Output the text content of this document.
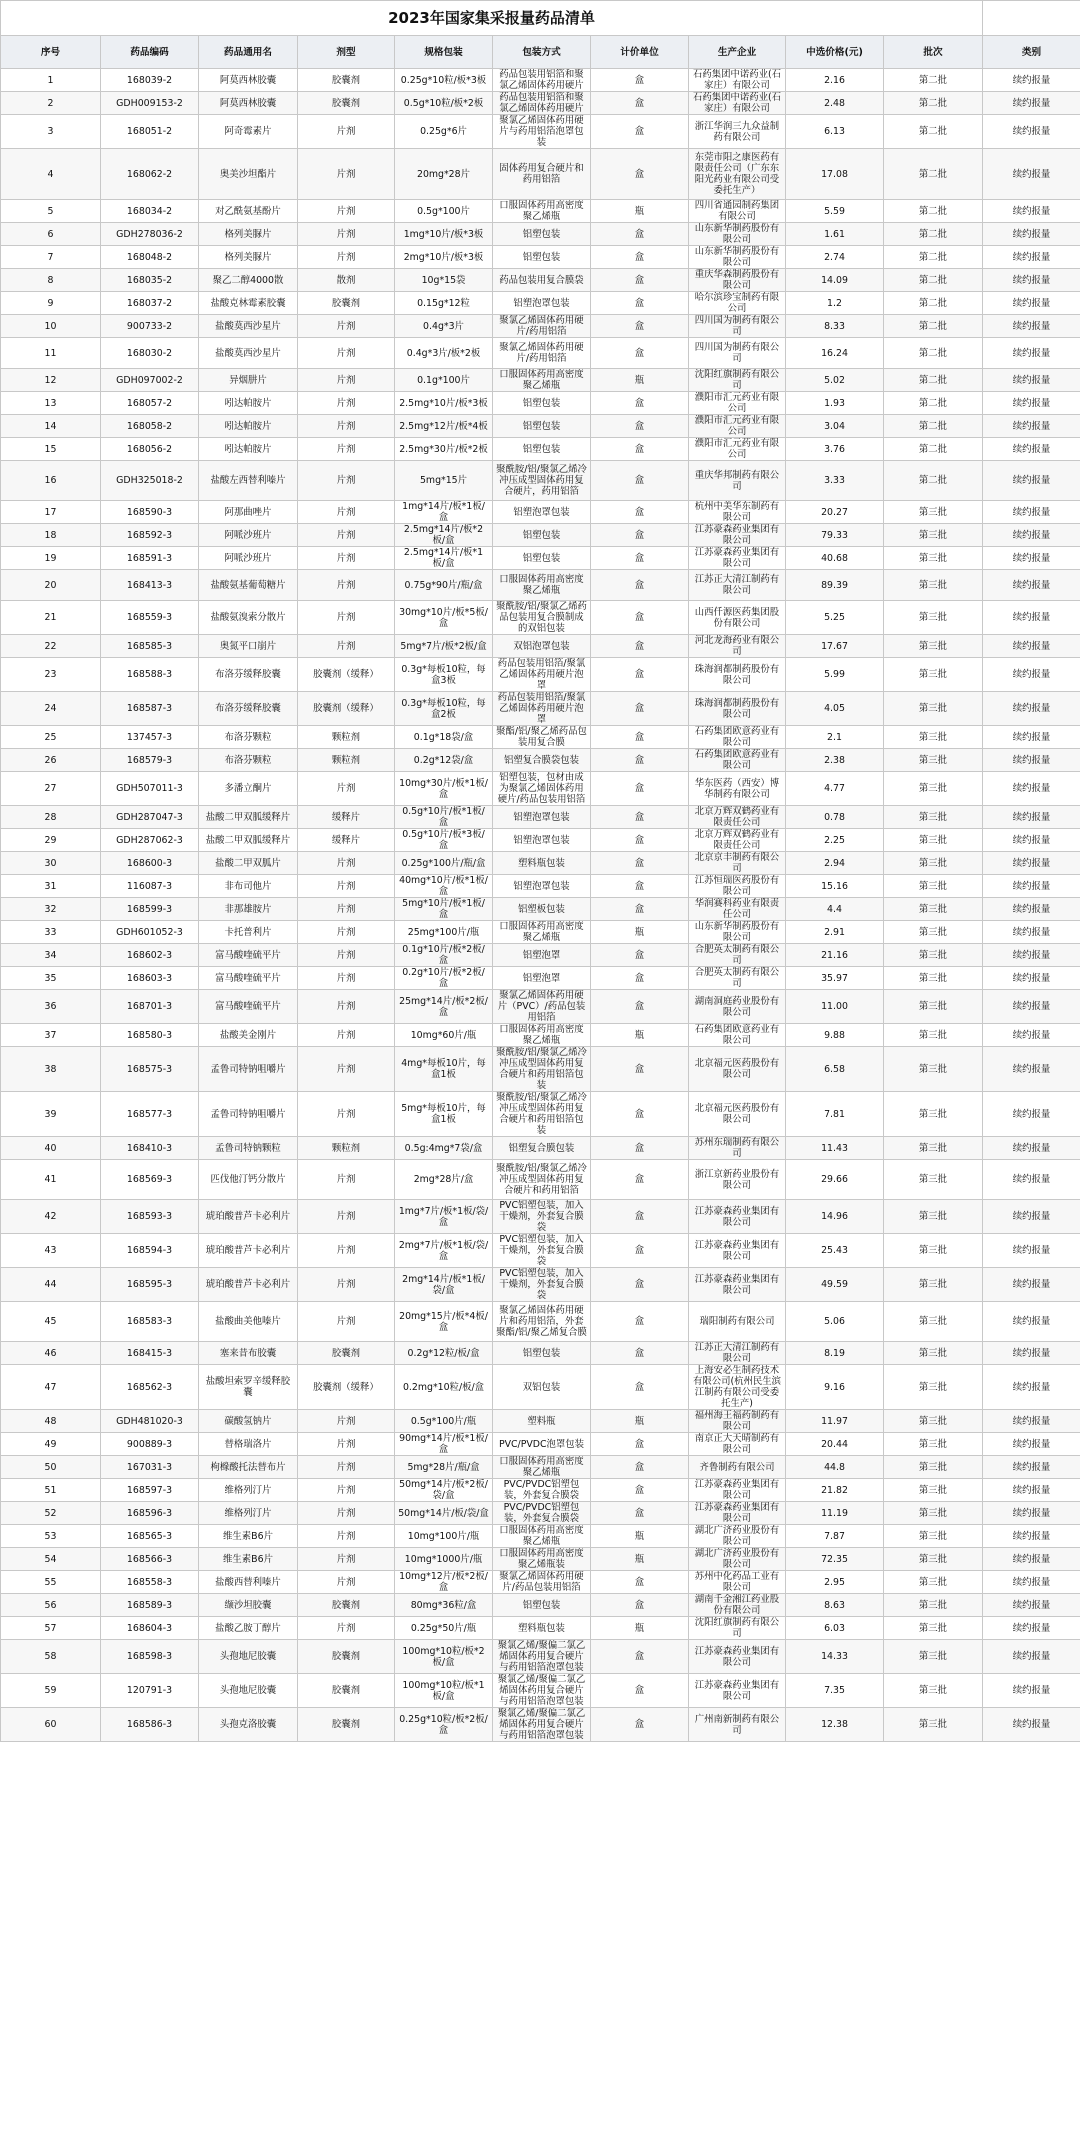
2023年国家集采报量药品清单										
序号	药品编码	药品通用名	剂型	规格包装	包装方式	计价单位	生产企业	中选价格(元)	批次	类别
1	168039-2	阿莫西林胶囊	胶囊剂	0.25g*10粒/板*3板	药品包装用铝箔和聚氯乙烯固体药用硬片	盒	石药集团中诺药业(石家庄）有限公司	2.16	第二批	续约报量
2	GDH009153-2	阿莫西林胶囊	胶囊剂	0.5g*10粒/板*2板	药品包装用铝箔和聚氯乙烯固体药用硬片	盒	石药集团中诺药业(石家庄）有限公司	2.48	第二批	续约报量
3	168051-2	阿奇霉素片	片剂	0.25g*6片	聚氯乙烯固体药用硬片与药用铝箔泡罩包装	盒	浙江华润三九众益制药有限公司	6.13	第二批	续约报量
4	168062-2	奥美沙坦酯片	片剂	20mg*28片	固体药用复合硬片和药用铝箔	盒	东莞市阳之康医药有限责任公司（广东东阳光药业有限公司受委托生产）	17.08	第二批	续约报量
5	168034-2	对乙酰氨基酚片	片剂	0.5g*100片	口服固体药用高密度聚乙烯瓶	瓶	四川省通园制药集团有限公司	5.59	第二批	续约报量
6	GDH278036-2	格列美脲片	片剂	1mg*10片/板*3板	铝塑包装	盒	山东新华制药股份有限公司	1.61	第二批	续约报量
7	168048-2	格列美脲片	片剂	2mg*10片/板*3板	铝塑包装	盒	山东新华制药股份有限公司	2.74	第二批	续约报量
8	168035-2	聚乙二醇4000散	散剂	10g*15袋	药品包装用复合膜袋	盒	重庆华森制药股份有限公司	14.09	第二批	续约报量
9	168037-2	盐酸克林霉素胶囊	胶囊剂	0.15g*12粒	铝塑泡罩包装	盒	哈尔滨珍宝制药有限公司	1.2	第二批	续约报量
10	900733-2	盐酸莫西沙星片	片剂	0.4g*3片	聚氯乙烯固体药用硬片/药用铝箔	盒	四川国为制药有限公司	8.33	第二批	续约报量
11	168030-2	盐酸莫西沙星片	片剂	0.4g*3片/板*2板	聚氯乙烯固体药用硬片/药用铝箔	盒	四川国为制药有限公司	16.24	第二批	续约报量
12	GDH097002-2	异烟肼片	片剂	0.1g*100片	口服固体药用高密度聚乙烯瓶	瓶	沈阳红旗制药有限公司	5.02	第二批	续约报量
13	168057-2	吲达帕胺片	片剂	2.5mg*10片/板*3板	铝塑包装	盒	濮阳市汇元药业有限公司	1.93	第二批	续约报量
14	168058-2	吲达帕胺片	片剂	2.5mg*12片/板*4板	铝塑包装	盒	濮阳市汇元药业有限公司	3.04	第二批	续约报量
15	168056-2	吲达帕胺片	片剂	2.5mg*30片/板*2板	铝塑包装	盒	濮阳市汇元药业有限公司	3.76	第二批	续约报量
16	GDH325018-2	盐酸左西替利嗪片	片剂	5mg*15片	聚酰胺/铝/聚氯乙烯冷冲压成型固体药用复合硬片，药用铝箔	盒	重庆华邦制药有限公司	3.33	第二批	续约报量
17	168590-3	阿那曲唑片	片剂	1mg*14片/板*1板/盒	铝塑泡罩包装	盒	杭州中美华东制药有限公司	20.27	第三批	续约报量
18	168592-3	阿哌沙班片	片剂	2.5mg*14片/板*2板/盒	铝塑包装	盒	江苏豪森药业集团有限公司	79.33	第三批	续约报量
19	168591-3	阿哌沙班片	片剂	2.5mg*14片/板*1板/盒	铝塑包装	盒	江苏豪森药业集团有限公司	40.68	第三批	续约报量
20	168413-3	盐酸氨基葡萄糖片	片剂	0.75g*90片/瓶/盒	口服固体药用高密度聚乙烯瓶	盒	江苏正大清江制药有限公司	89.39	第三批	续约报量
21	168559-3	盐酸氨溴索分散片	片剂	30mg*10片/板*5板/盒	聚酰胺/铝/聚氯乙烯药品包装用复合膜制成的双铝包装	盒	山西仟源医药集团股份有限公司	5.25	第三批	续约报量
22	168585-3	奥氮平口崩片	片剂	5mg*7片/板*2板/盒	双铝泡罩包装	盒	河北龙海药业有限公司	17.67	第三批	续约报量
23	168588-3	布洛芬缓释胶囊	胶囊剂（缓释）	0.3g*每板10粒，每盒3板	药品包装用铝箔/聚氯乙烯固体药用硬片泡罩	盒	珠海润都制药股份有限公司	5.99	第三批	续约报量
24	168587-3	布洛芬缓释胶囊	胶囊剂（缓释）	0.3g*每板10粒，每盒2板	药品包装用铝箔/聚氯乙烯固体药用硬片泡罩	盒	珠海润都制药股份有限公司	4.05	第三批	续约报量
25	137457-3	布洛芬颗粒	颗粒剂	0.1g*18袋/盒	聚酯/铝/聚乙烯药品包装用复合膜	盒	石药集团欧意药业有限公司	2.1	第三批	续约报量
26	168579-3	布洛芬颗粒	颗粒剂	0.2g*12袋/盒	铝塑复合膜袋包装	盒	石药集团欧意药业有限公司	2.38	第三批	续约报量
27	GDH507011-3	多潘立酮片	片剂	10mg*30片/板*1板/盒	铝塑包装，包材由成为聚氯乙烯固体药用硬片/药品包装用铝箔	盒	华东医药（西安）博华制药有限公司	4.77	第三批	续约报量
28	GDH287047-3	盐酸二甲双胍缓释片	缓释片	0.5g*10片/板*1板/盒	铝塑泡罩包装	盒	北京万辉双鹤药业有限责任公司	0.78	第三批	续约报量
29	GDH287062-3	盐酸二甲双胍缓释片	缓释片	0.5g*10片/板*3板/盒	铝塑泡罩包装	盒	北京万辉双鹤药业有限责任公司	2.25	第三批	续约报量
30	168600-3	盐酸二甲双胍片	片剂	0.25g*100片/瓶/盒	塑料瓶包装	盒	北京京丰制药有限公司	2.94	第三批	续约报量
31	116087-3	非布司他片	片剂	40mg*10片/板*1板/盒	铝塑泡罩包装	盒	江苏恒瑞医药股份有限公司	15.16	第三批	续约报量
32	168599-3	非那雄胺片	片剂	5mg*10片/板*1板/盒	铝塑板包装	盒	华润赛科药业有限责任公司	4.4	第三批	续约报量
33	GDH601052-3	卡托普利片	片剂	25mg*100片/瓶	口服固体药用高密度聚乙烯瓶	瓶	山东新华制药股份有限公司	2.91	第三批	续约报量
34	168602-3	富马酸喹硫平片	片剂	0.1g*10片/板*2板/盒	铝塑泡罩	盒	合肥英太制药有限公司	21.16	第三批	续约报量
35	168603-3	富马酸喹硫平片	片剂	0.2g*10片/板*2板/盒	铝塑泡罩	盒	合肥英太制药有限公司	35.97	第三批	续约报量
36	168701-3	富马酸喹硫平片	片剂	25mg*14片/板*2板/盒	聚氯乙烯固体药用硬片（PVC）/药品包装用铝箔	盒	湖南洞庭药业股份有限公司	11.00	第三批	续约报量
37	168580-3	盐酸美金刚片	片剂	10mg*60片/瓶	口服固体药用高密度聚乙烯瓶	瓶	石药集团欧意药业有限公司	9.88	第三批	续约报量
38	168575-3	孟鲁司特钠咀嚼片	片剂	4mg*每板10片，每盒1板	聚酰胺/铝/聚氯乙烯冷冲压成型固体药用复合硬片和药用铝箔包装	盒	北京福元医药股份有限公司	6.58	第三批	续约报量
39	168577-3	孟鲁司特钠咀嚼片	片剂	5mg*每板10片，每盒1板	聚酰胺/铝/聚氯乙烯冷冲压成型固体药用复合硬片和药用铝箔包装	盒	北京福元医药股份有限公司	7.81	第三批	续约报量
40	168410-3	孟鲁司特钠颗粒	颗粒剂	0.5g:4mg*7袋/盒	铝塑复合膜包装	盒	苏州东瑞制药有限公司	11.43	第三批	续约报量
41	168569-3	匹伐他汀钙分散片	片剂	2mg*28片/盒	聚酰胺/铝/聚氯乙烯冷冲压成型固体药用复合硬片和药用铝箔	盒	浙江京新药业股份有限公司	29.66	第三批	续约报量
42	168593-3	琥珀酸普芦卡必利片	片剂	1mg*7片/板*1板/袋/盒	PVC铝塑包装，加入干燥剂，外套复合膜袋	盒	江苏豪森药业集团有限公司	14.96	第三批	续约报量
43	168594-3	琥珀酸普芦卡必利片	片剂	2mg*7片/板*1板/袋/盒	PVC铝塑包装，加入干燥剂，外套复合膜袋	盒	江苏豪森药业集团有限公司	25.43	第三批	续约报量
44	168595-3	琥珀酸普芦卡必利片	片剂	2mg*14片/板*1板/袋/盒	PVC铝塑包装，加入干燥剂，外套复合膜袋	盒	江苏豪森药业集团有限公司	49.59	第三批	续约报量
45	168583-3	盐酸曲美他嗪片	片剂	20mg*15片/板*4板/盒	聚氯乙烯固体药用硬片和药用铝箔，外套聚酯/铝/聚乙烯复合膜	盒	瑞阳制药有限公司	5.06	第三批	续约报量
46	168415-3	塞来昔布胶囊	胶囊剂	0.2g*12粒/板/盒	铝塑包装	盒	江苏正大清江制药有限公司	8.19	第三批	续约报量
47	168562-3	盐酸坦索罗辛缓释胶囊	胶囊剂（缓释）	0.2mg*10粒/板/盒	双铝包装	盒	上海安必生制药技术有限公司(杭州民生滨江制药有限公司受委托生产)	9.16	第三批	续约报量
48	GDH481020-3	碳酸氢钠片	片剂	0.5g*100片/瓶	塑料瓶	瓶	福州海王福药制药有限公司	11.97	第三批	续约报量
49	900889-3	替格瑞洛片	片剂	90mg*14片/板*1板/盒	PVC/PVDC泡罩包装	盒	南京正大天晴制药有限公司	20.44	第三批	续约报量
50	167031-3	枸橼酸托法替布片	片剂	5mg*28片/瓶/盒	口服固体药用高密度聚乙烯瓶	盒	齐鲁制药有限公司	44.8	第三批	续约报量
51	168597-3	维格列汀片	片剂	50mg*14片/板*2板/袋/盒	PVC/PVDC铝塑包装，外套复合膜袋	盒	江苏豪森药业集团有限公司	21.82	第三批	续约报量
52	168596-3	维格列汀片	片剂	50mg*14片/板/袋/盒	PVC/PVDC铝塑包装，外套复合膜袋	盒	江苏豪森药业集团有限公司	11.19	第三批	续约报量
53	168565-3	维生素B6片	片剂	10mg*100片/瓶	口服固体药用高密度聚乙烯瓶	瓶	湖北广济药业股份有限公司	7.87	第三批	续约报量
54	168566-3	维生素B6片	片剂	10mg*1000片/瓶	口服固体药用高密度聚乙烯瓶装	瓶	湖北广济药业股份有限公司	72.35	第三批	续约报量
55	168558-3	盐酸西替利嗪片	片剂	10mg*12片/板*2板/盒	聚氯乙烯固体药用硬片/药品包装用铝箔	盒	苏州中化药品工业有限公司	2.95	第三批	续约报量
56	168589-3	缬沙坦胶囊	胶囊剂	80mg*36粒/盒	铝塑包装	盒	湖南千金湘江药业股份有限公司	8.63	第三批	续约报量
57	168604-3	盐酸乙胺丁醇片	片剂	0.25g*50片/瓶	塑料瓶包装	瓶	沈阳红旗制药有限公司	6.03	第三批	续约报量
58	168598-3	头孢地尼胶囊	胶囊剂	100mg*10粒/板*2板/盒	聚氯乙烯/聚偏二氯乙烯固体药用复合硬片与药用铝箔泡罩包装	盒	江苏豪森药业集团有限公司	14.33	第三批	续约报量
59	120791-3	头孢地尼胶囊	胶囊剂	100mg*10粒/板*1板/盒	聚氯乙烯/聚偏二氯乙烯固体药用复合硬片与药用铝箔泡罩包装	盒	江苏豪森药业集团有限公司	7.35	第三批	续约报量
60	168586-3	头孢克洛胶囊	胶囊剂	0.25g*10粒/板*2板/盒	聚氯乙烯/聚偏二氯乙烯固体药用复合硬片与药用铝箔泡罩包装	盒	广州南新制药有限公司	12.38	第三批	续约报量
